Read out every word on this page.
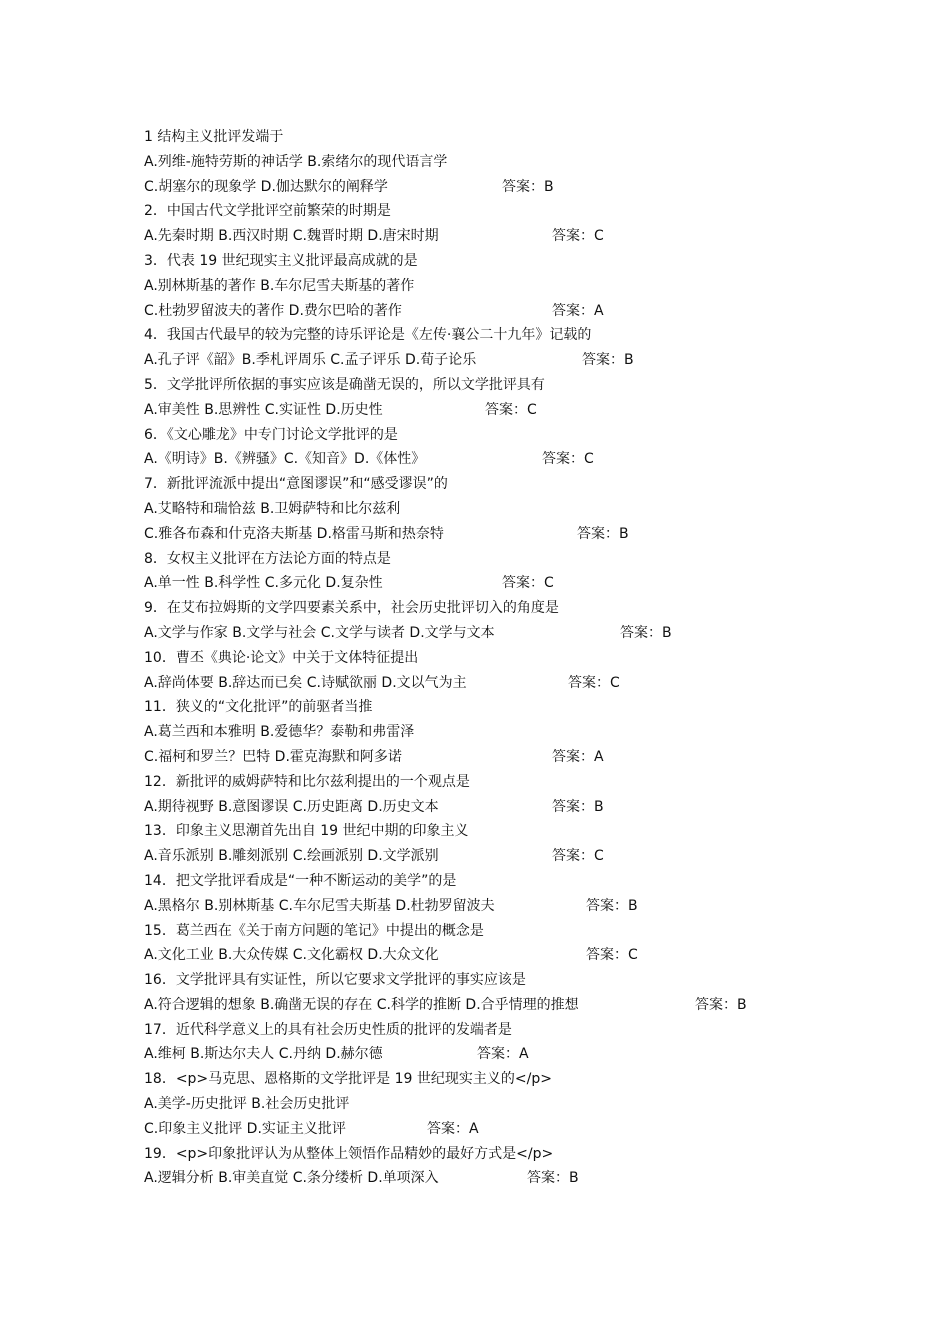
1 结构主义批评发端于
A.列维-施特劳斯的神话学 B.索绪尔的现代语言学
C.胡塞尔的现象学 D.伽达默尔的阐释学	答案：B
2．中国古代文学批评空前繁荣的时期是
A.先秦时期 B.西汉时期 C.魏晋时期 D.唐宋时期	答案：C
3．代表 19 世纪现实主义批评最高成就的是
A.别林斯基的著作 B.车尔尼雪夫斯基的著作
C.杜勃罗留波夫的著作 D.费尔巴哈的著作	答案：A
4．我国古代最早的较为完整的诗乐评论是《左传·襄公二十九年》记载的
A.孔子评《韶》B.季札评周乐 C.孟子评乐 D.荀子论乐	答案：B
5．文学批评所依据的事实应该是确凿无误的，所以文学批评具有
A.审美性 B.思辨性 C.实证性 D.历史性	答案：C
6．《文心雕龙》中专门讨论文学批评的是
A.《明诗》B.《辨骚》C.《知音》D.《体性》	答案：C
7．新批评流派中提出“意图谬误”和“感受谬误”的
A.艾略特和瑞恰兹 B.卫姆萨特和比尔兹利
C.雅各布森和什克洛夫斯基 D.格雷马斯和热奈特	答案：B
8．女权主义批评在方法论方面的特点是
A.单一性 B.科学性 C.多元化 D.复杂性	答案：C
9．在艾布拉姆斯的文学四要素关系中，社会历史批评切入的角度是
A.文学与作家 B.文学与社会 C.文学与读者 D.文学与文本	答案：B
10．曹丕《典论·论文》中关于文体特征提出
A.辞尚体要 B.辞达而已矣 C.诗赋欲丽 D.文以气为主	答案：C
11．狭义的“文化批评”的前驱者当推
A.葛兰西和本雅明 B.爱德华？泰勒和弗雷泽
C.福柯和罗兰？巴特 D.霍克海默和阿多诺	答案：A
12．新批评的威姆萨特和比尔兹利提出的一个观点是
A.期待视野 B.意图谬误 C.历史距离 D.历史文本	答案：B
13．印象主义思潮首先出自 19 世纪中期的印象主义
A.音乐派别 B.雕刻派别 C.绘画派别 D.文学派别	答案：C
14．把文学批评看成是“一种不断运动的美学”的是
A.黑格尔 B.别林斯基 C.车尔尼雪夫斯基 D.杜勃罗留波夫	答案：B
15．葛兰西在《关于南方问题的笔记》中提出的概念是
A.文化工业 B.大众传媒 C.文化霸权 D.大众文化	答案：C
16．文学批评具有实证性，所以它要求文学批评的事实应该是
A.符合逻辑的想象 B.确凿无误的存在 C.科学的推断 D.合乎情理的推想	答案：B
17．近代科学意义上的具有社会历史性质的批评的发端者是
A.维柯 B.斯达尔夫人 C.丹纳 D.赫尔德	答案：A
18．<p>马克思、恩格斯的文学批评是 19 世纪现实主义的</p>
A.美学-历史批评 B.社会历史批评
C.印象主义批评 D.实证主义批评	答案：A
19．<p>印象批评认为从整体上领悟作品精妙的最好方式是</p>
A.逻辑分析 B.审美直觉 C.条分缕析 D.单项深入	答案：B
